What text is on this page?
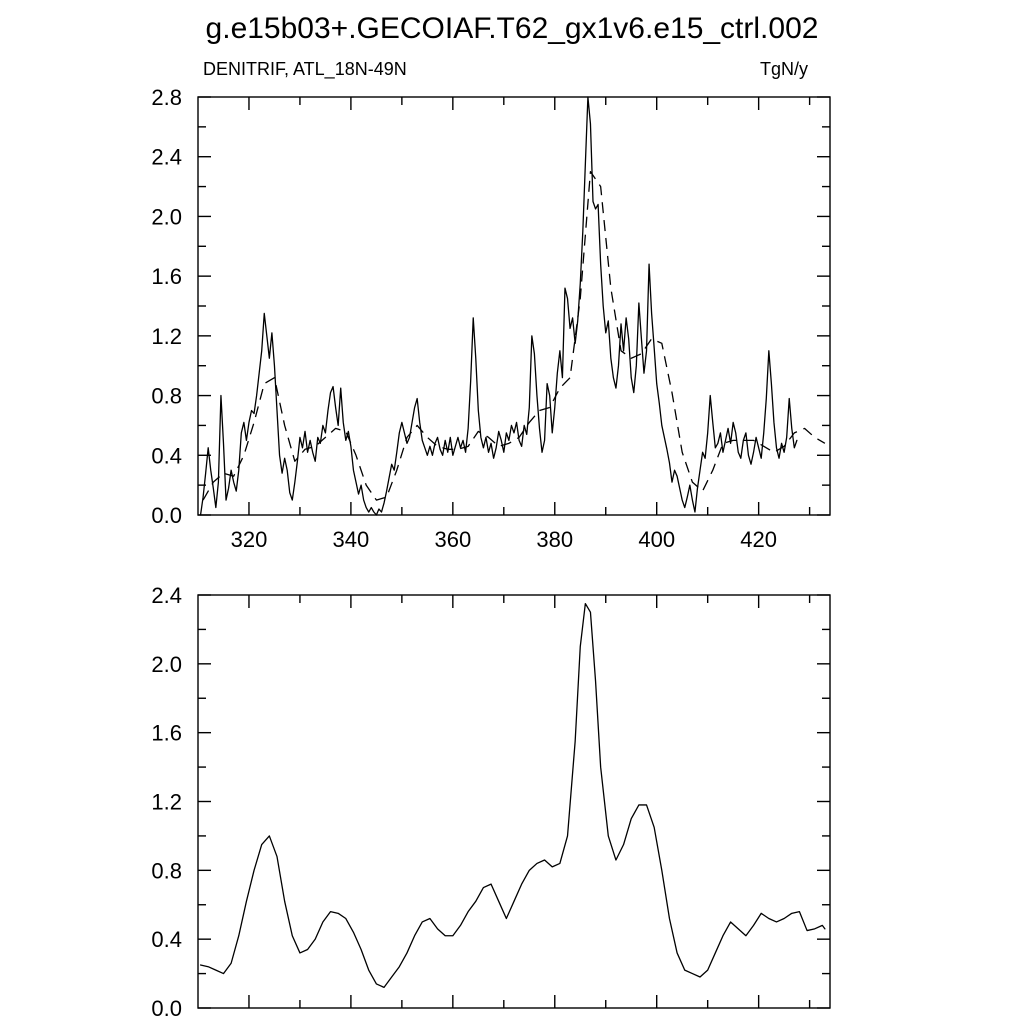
g.e15b03+.GECOIAF.T62_gx1v6.e15_ctrl.002
DENITRIF, ATL_18N-49N	TgN/y
0.0
0.4
0.8
1.2
1.6
2.0
2.4
2.8
320	340	360	380	400	420
0.0
0.4
0.8
1.2
1.6
2.0
2.4
